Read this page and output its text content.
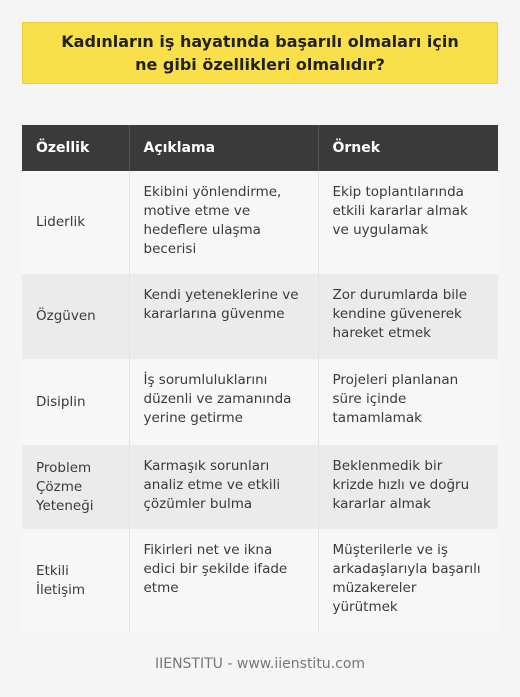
Kadınların iş hayatında başarılı olmaları için ne gibi özellikleri olmalıdır?
Özellik	Açıklama	Örnek
Liderlik	Ekibini yönlendirme, motive etme ve hedeflere ulaşma becerisi	Ekip toplantılarında etkili kararlar almak ve uygulamak
Özgüven	Kendi yeteneklerine ve kararlarına güvenme	Zor durumlarda bile kendine güvenerek hareket etmek
Disiplin	İş sorumluluklarını düzenli ve zamanında yerine getirme	Projeleri planlanan süre içinde tamamlamak
Problem Çözme Yeteneği	Karmaşık sorunları analiz etme ve etkili çözümler bulma	Beklenmedik bir krizde hızlı ve doğru kararlar almak
Etkili İletişim	Fikirleri net ve ikna edici bir şekilde ifade etme	Müşterilerle ve iş arkadaşlarıyla başarılı müzakereler yürütmek
IIENSTITU - www.iienstitu.com
